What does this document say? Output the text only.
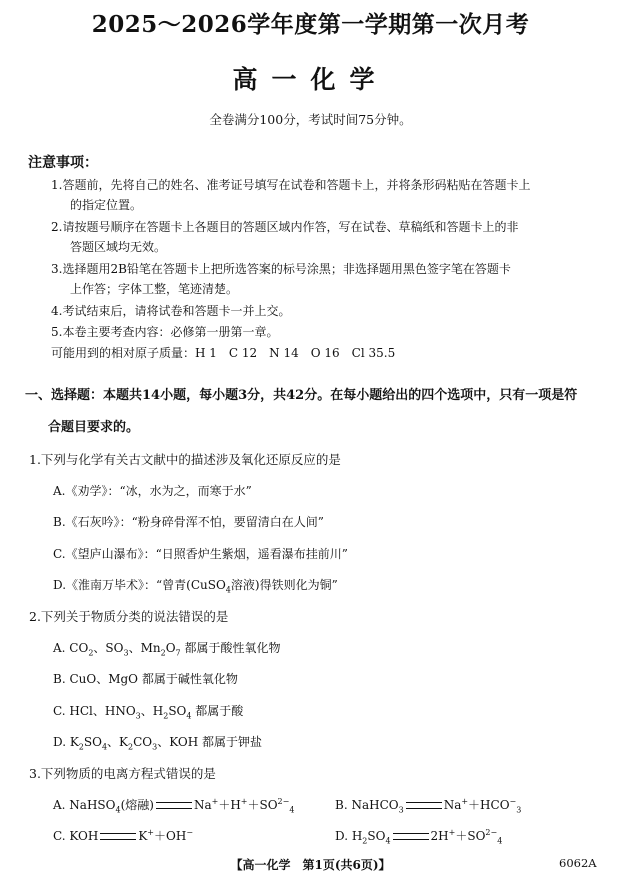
2025～2026学年度第一学期第一次月考
高一化学
全卷满分100分，考试时间75分钟。
注意事项：
1.答题前，先将自己的姓名、准考证号填写在试卷和答题卡上，并将条形码粘贴在答题卡上
的指定位置。
2.请按题号顺序在答题卡上各题目的答题区域内作答，写在试卷、草稿纸和答题卡上的非
答题区域均无效。
3.选择题用2B铅笔在答题卡上把所选答案的标号涂黑；非选择题用黑色签字笔在答题卡
上作答；字体工整，笔迹清楚。
4.考试结束后，请将试卷和答题卡一并上交。
5.本卷主要考查内容：必修第一册第一章。
可能用到的相对原子质量：H 1　C 12　N 14　O 16　Cl 35.5
一、选择题：本题共14小题，每小题3分，共42分。在每小题给出的四个选项中，只有一项是符
合题目要求的。
1.下列与化学有关古文献中的描述涉及氧化还原反应的是
A.《劝学》：“冰，水为之，而寒于水”
B.《石灰吟》：“粉身碎骨浑不怕，要留清白在人间”
C.《望庐山瀑布》：“日照香炉生紫烟，遥看瀑布挂前川”
D.《淮南万毕术》：“曾青(CuSO$_4$溶液)得铁则化为铜”
2.下列关于物质分类的说法错误的是
A. $CO_2$、$SO_3$、$Mn_2O_7$ 都属于酸性氧化物
B. CuO、MgO 都属于碱性氧化物
C. HCl、$HNO_3$、$H_2SO_4$ 都属于酸
D. $K_2SO_4$、$K_2CO_3$、KOH 都属于钾盐
3.下列物质的电离方程式错误的是
A. NaHSO$_4$(熔融)	$Na^++H^++SO^{2-}_4$	B. NaHCO$_3$	$Na^++HCO^-_3$
C. KOH	K+＋OH−	D. $H_2SO_4$	$2H^++SO^{2-}_4$
【高一化学　第1页(共6页)】	6062A
